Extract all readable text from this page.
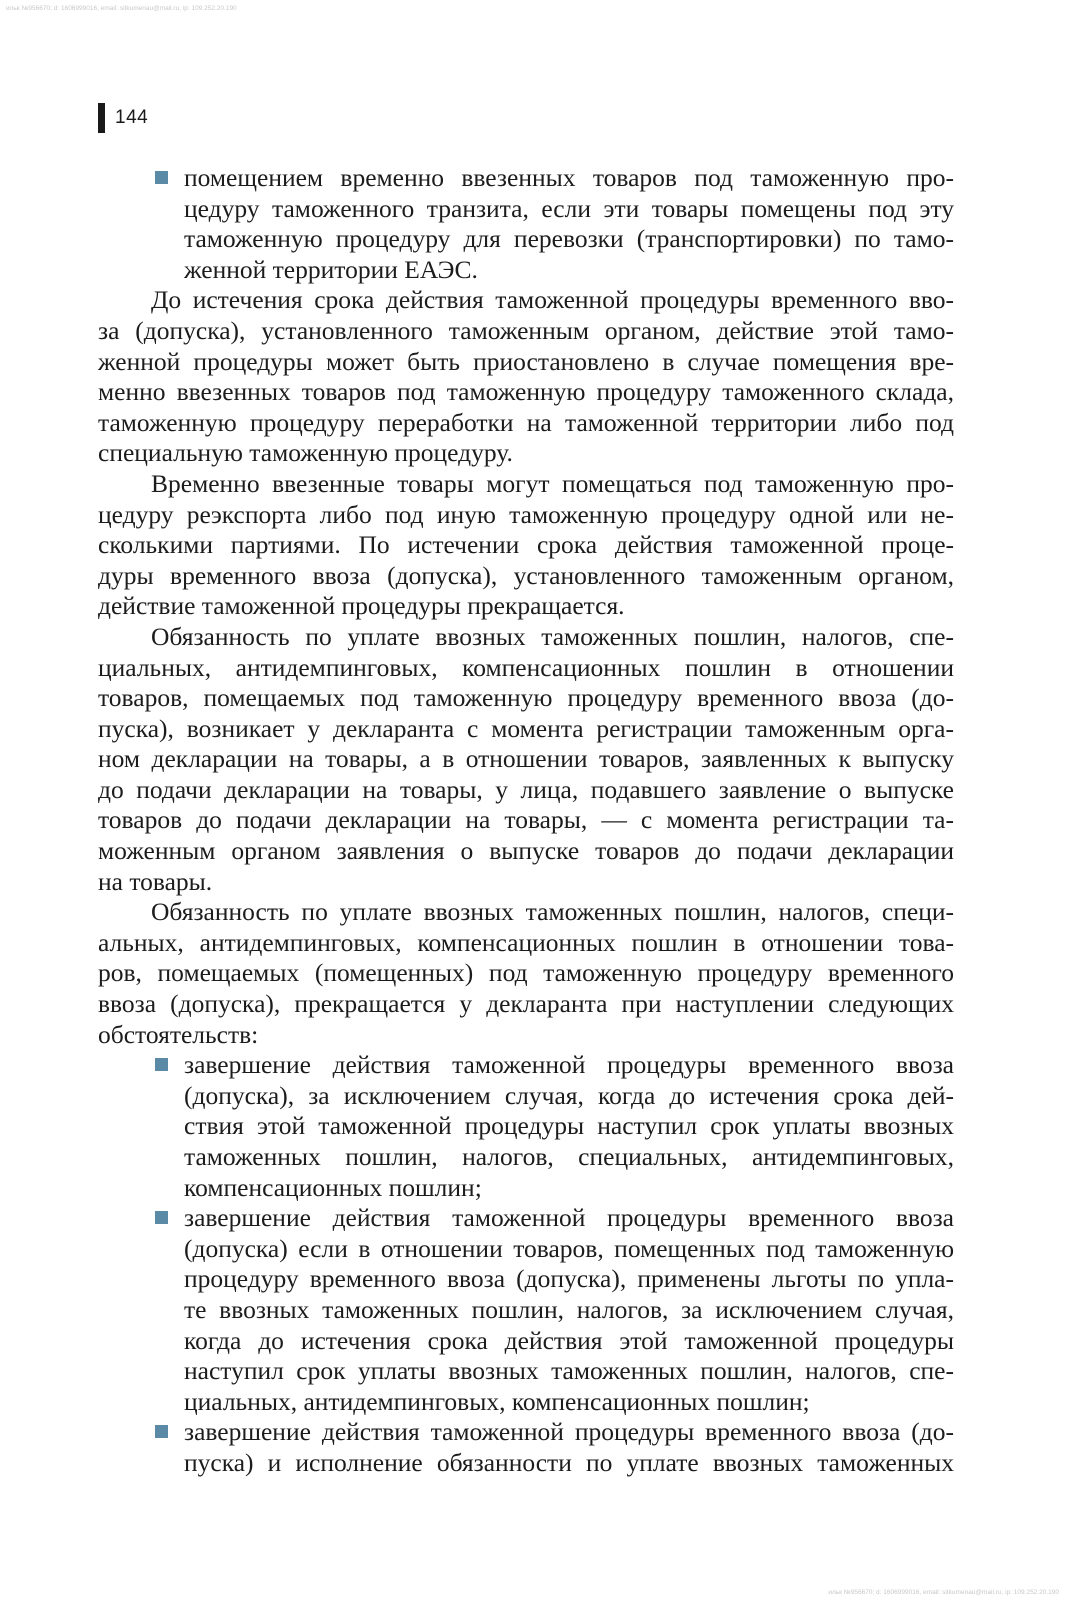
ильк №956670; d: 1606999016, email: sitkumenau@mail.ru, ip: 109.252.20.190
144
помещением временно ввезенных товаров под таможенную про-
цедуру таможенного транзита, если эти товары помещены под эту
таможенную процедуру для перевозки (транспортировки) по тамо-
женной территории ЕАЭС.
До истечения срока действия таможенной процедуры временного вво-
за (допуска), установленного таможенным органом, действие этой тамо-
женной процедуры может быть приостановлено в случае помещения вре-
менно ввезенных товаров под таможенную процедуру таможенного склада,
таможенную процедуру переработки на таможенной территории либо под
специальную таможенную процедуру.
Временно ввезенные товары могут помещаться под таможенную про-
цедуру реэкспорта либо под иную таможенную процедуру одной или не-
сколькими партиями. По истечении срока действия таможенной проце-
дуры временного ввоза (допуска), установленного таможенным органом,
действие таможенной процедуры прекращается.
Обязанность по уплате ввозных таможенных пошлин, налогов, спе-
циальных, антидемпинговых, компенсационных пошлин в отношении
товаров, помещаемых под таможенную процедуру временного ввоза (до-
пуска), возникает у декларанта с момента регистрации таможенным орга-
ном декларации на товары, а в отношении товаров, заявленных к выпуску
до подачи декларации на товары, у лица, подавшего заявление о выпуске
товаров до подачи декларации на товары, — с момента регистрации та-
моженным органом заявления о выпуске товаров до подачи декларации
на товары.
Обязанность по уплате ввозных таможенных пошлин, налогов, специ-
альных, антидемпинговых, компенсационных пошлин в отношении това-
ров, помещаемых (помещенных) под таможенную процедуру временного
ввоза (допуска), прекращается у декларанта при наступлении следующих
обстоятельств:
завершение действия таможенной процедуры временного ввоза
(допуска), за исключением случая, когда до истечения срока дей-
ствия этой таможенной процедуры наступил срок уплаты ввозных
таможенных пошлин, налогов, специальных, антидемпинговых,
компенсационных пошлин;
завершение действия таможенной процедуры временного ввоза
(допуска) если в отношении товаров, помещенных под таможенную
процедуру временного ввоза (допуска), применены льготы по упла-
те ввозных таможенных пошлин, налогов, за исключением случая,
когда до истечения срока действия этой таможенной процедуры
наступил срок уплаты ввозных таможенных пошлин, налогов, спе-
циальных, антидемпинговых, компенсационных пошлин;
завершение действия таможенной процедуры временного ввоза (до-
пуска) и исполнение обязанности по уплате ввозных таможенных
ильк №956670; d: 1606999016, email: sitkumenau@mail.ru, ip: 109.252.20.190
